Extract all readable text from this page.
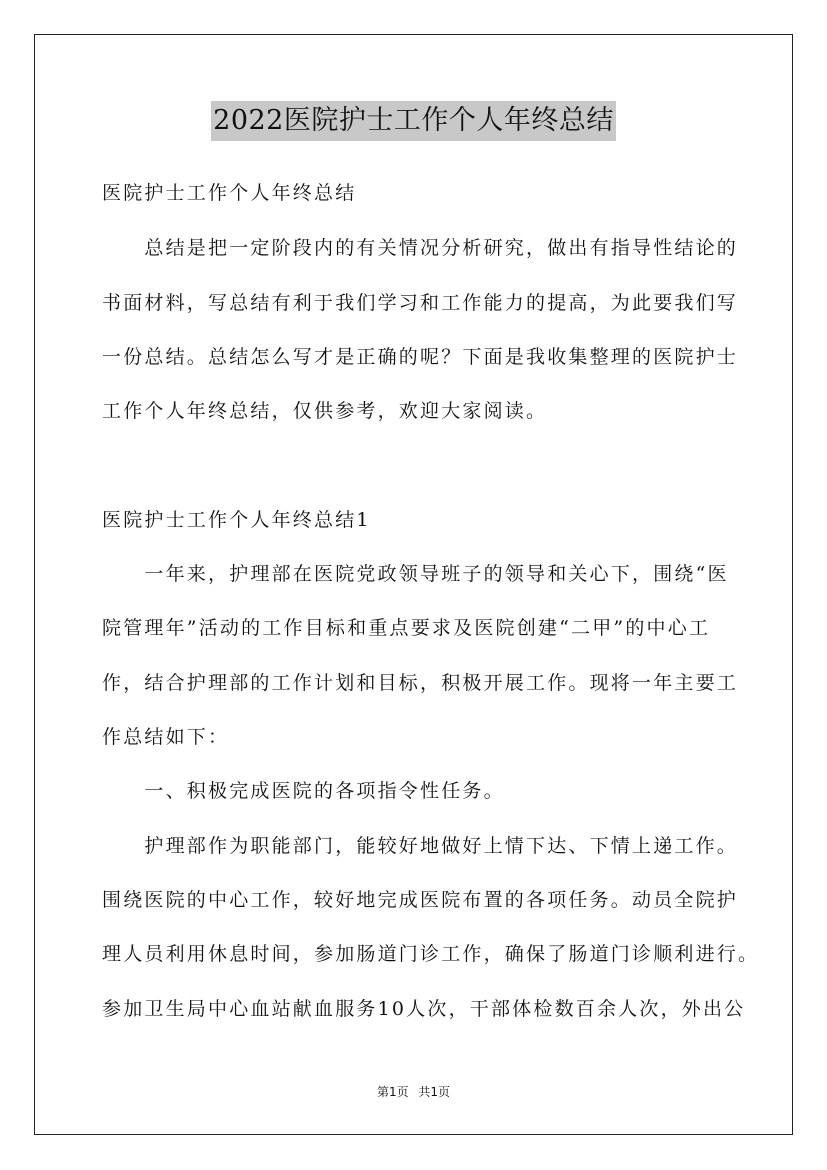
2022医院护士工作个人年终总结
医院护士工作个人年终总结
　　总结是把一定阶段内的有关情况分析研究，做出有指导性结论的
书面材料，写总结有利于我们学习和工作能力的提高，为此要我们写
一份总结。总结怎么写才是正确的呢？下面是我收集整理的医院护士
工作个人年终总结，仅供参考，欢迎大家阅读。
医院护士工作个人年终总结1
　　一年来，护理部在医院党政领导班子的领导和关心下，围绕“医
院管理年”活动的工作目标和重点要求及医院创建“二甲”的中心工
作，结合护理部的工作计划和目标，积极开展工作。现将一年主要工
作总结如下：
　　一、积极完成医院的各项指令性任务。
　　护理部作为职能部门，能较好地做好上情下达、下情上递工作。
围绕医院的中心工作，较好地完成医院布置的各项任务。动员全院护
理人员利用休息时间，参加肠道门诊工作，确保了肠道门诊顺利进行。
参加卫生局中心血站献血服务10人次，干部体检数百余人次，外出公
第1页 共1页
